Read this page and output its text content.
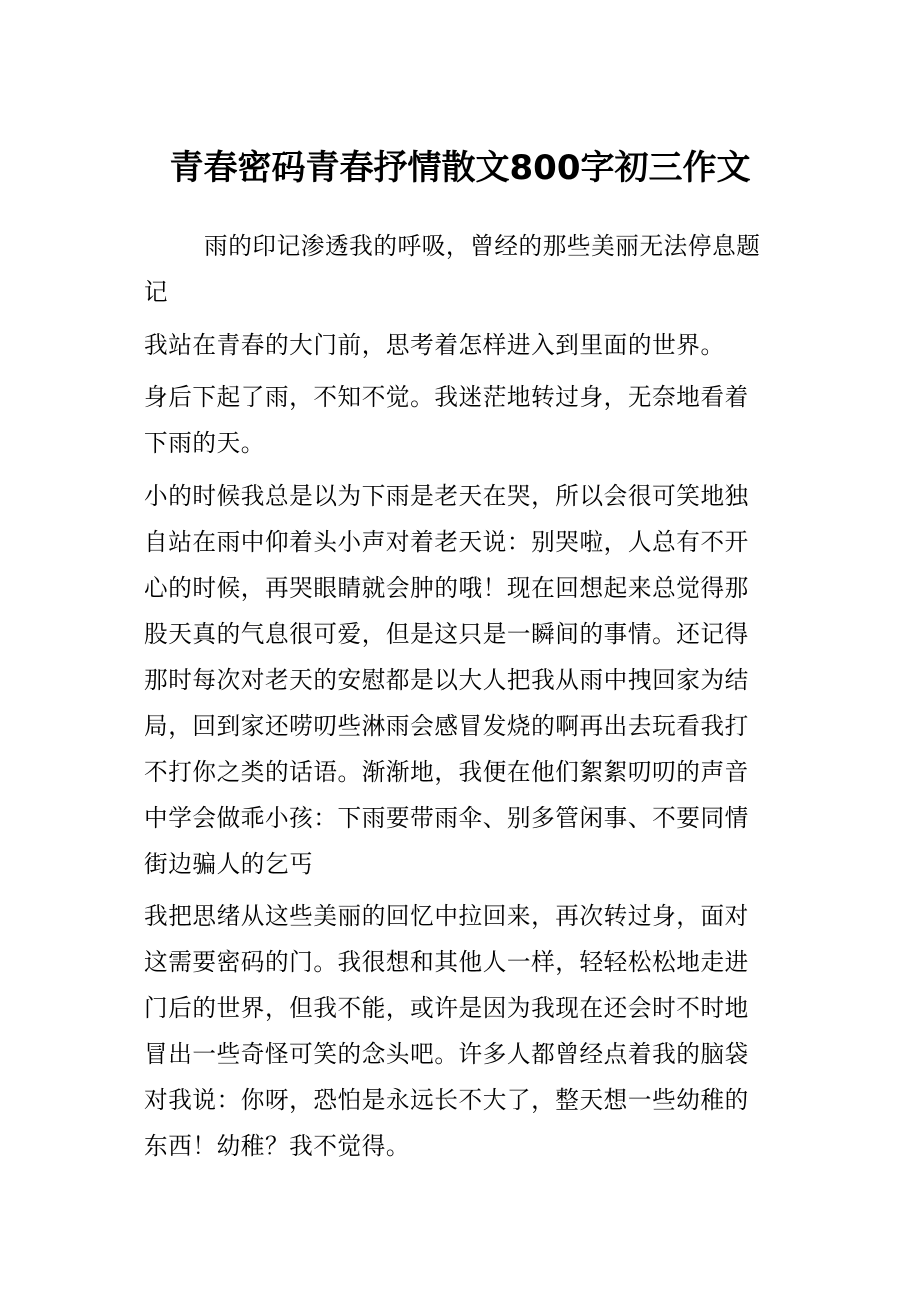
青春密码青春抒情散文800字初三作文

雨的印记渗透我的呼吸，曾经的那些美丽无法停息题记

我站在青春的大门前，思考着怎样进入到里面的世界。

身后下起了雨，不知不觉。我迷茫地转过身，无奈地看着下雨的天。

小的时候我总是以为下雨是老天在哭，所以会很可笑地独自站在雨中仰着头小声对着老天说：别哭啦，人总有不开心的时候，再哭眼睛就会肿的哦！现在回想起来总觉得那股天真的气息很可爱，但是这只是一瞬间的事情。还记得那时每次对老天的安慰都是以大人把我从雨中拽回家为结局，回到家还唠叨些淋雨会感冒发烧的啊再出去玩看我打不打你之类的话语。渐渐地，我便在他们絮絮叨叨的声音中学会做乖小孩：下雨要带雨伞、别多管闲事、不要同情街边骗人的乞丐

我把思绪从这些美丽的回忆中拉回来，再次转过身，面对这需要密码的门。我很想和其他人一样，轻轻松松地走进门后的世界，但我不能，或许是因为我现在还会时不时地冒出一些奇怪可笑的念头吧。许多人都曾经点着我的脑袋对我说：你呀，恐怕是永远长不大了，整天想一些幼稚的东西！幼稚？我不觉得。
